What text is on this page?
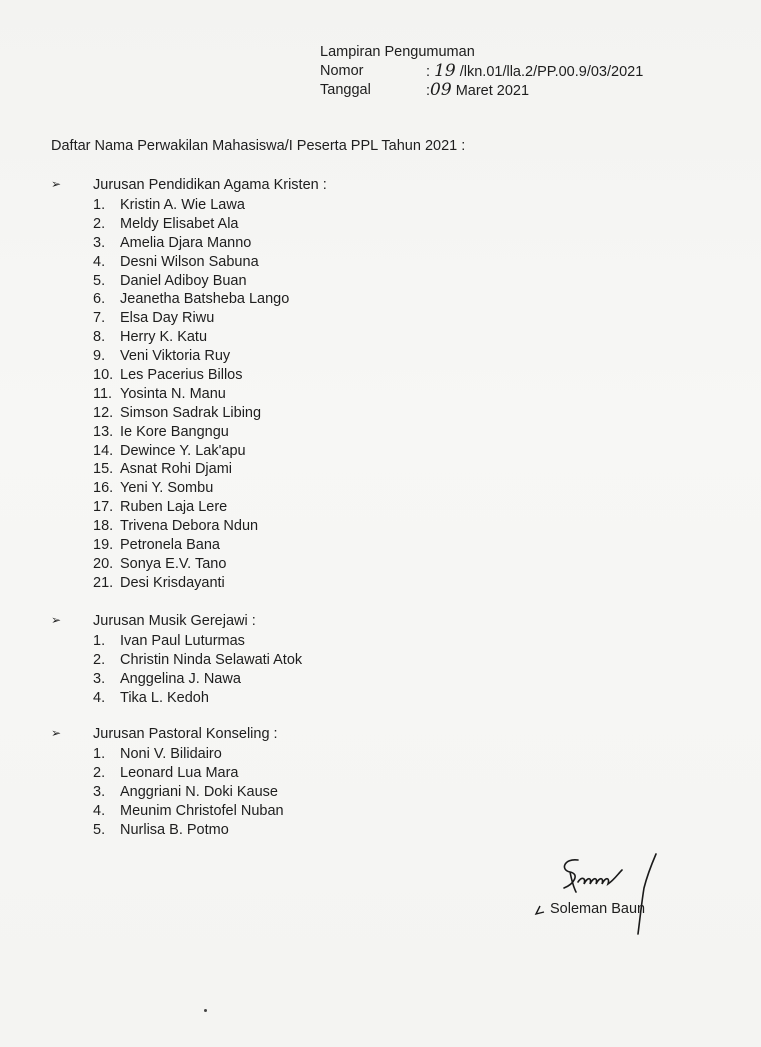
Lampiran Pengumuman
Nomor	: 19 /lkn.01/lla.2/PP.00.9/03/2021
Tanggal	:09 Maret 2021
Daftar Nama Perwakilan Mahasiswa/I Peserta PPL Tahun 2021 :
➢ Jurusan Pendidikan Agama Kristen :
1. Kristin A. Wie Lawa
2. Meldy Elisabet Ala
3. Amelia Djara Manno
4. Desni Wilson Sabuna
5. Daniel Adiboy Buan
6. Jeanetha Batsheba Lango
7. Elsa Day Riwu
8. Herry K. Katu
9. Veni Viktoria Ruy
10. Les Pacerius Billos
11. Yosinta N. Manu
12. Simson Sadrak Libing
13. Ie Kore Bangngu
14. Dewince Y. Lak'apu
15. Asnat Rohi Djami
16. Yeni Y. Sombu
17. Ruben Laja Lere
18. Trivena Debora Ndun
19. Petronela Bana
20. Sonya E.V. Tano
21. Desi Krisdayanti
➢ Jurusan Musik Gerejawi :
1. Ivan Paul Luturmas
2. Christin Ninda Selawati Atok
3. Anggelina J. Nawa
4. Tika L. Kedoh
➢ Jurusan Pastoral Konseling :
1. Noni V. Bilidairo
2. Leonard Lua Mara
3. Anggriani N. Doki Kause
4. Meunim Christofel Nuban
5. Nurlisa B. Potmo
Soleman Baun
